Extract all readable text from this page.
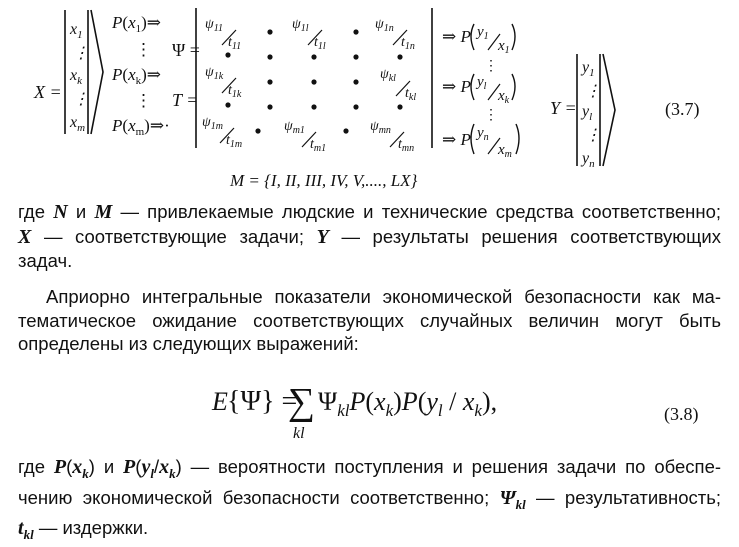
X =
$x_1$
⋮
$x_k$
⋮
$x_m$
$P(x_1)\Rightarrow$
⋮
$P(x_k)\Rightarrow$
⋮
$P(x_m)\Rightarrow\cdot$
Ψ =
T =
$\psi_{11}$
$t_{11}$
$\psi_{1l}$
$t_{1l}$
$\psi_{1n}$
$t_{1n}$
$\psi_{1k}$
$t_{1k}$
$\psi_{kl}$
$t_{kl}$
$\psi_{1m}$
$t_{1m}$
$\psi_{m1}$
$t_{m1}$
$\psi_{mn}$
$t_{mn}$
⇒ P $y_1$
$x_1$
⋮
⇒ P $y_l$
$x_k$
⋮
⇒ P $y_n$
$x_m$
Y =
$y_1$
⋮
$y_l$
⋮
$y_n$
(3.7)
M = {I, II, III, IV, V,...., LX}
где N и M — привлекаемые людские и технические средства соответственно;
X — соответствующие задачи; Y — результаты решения соответствующих
задач.
Априорно интегральные показатели экономической безопасности как ма-
тематическое ожидание соответствующих случайных величин могут быть
определены из следующих выражений:
E {Ψ} =
∑
kl
$\Psi_{kl}P(x_k)P(y_l / x_k)$,	(3.8)
где $P(x_k)$ и $P(y_l/x_k)$ — вероятности поступления и решения задачи по обеспе-
чению экономической безопасности соответственно; $\Psi_{kl}$ — результативность;
$t_{kl}$ — издержки.
